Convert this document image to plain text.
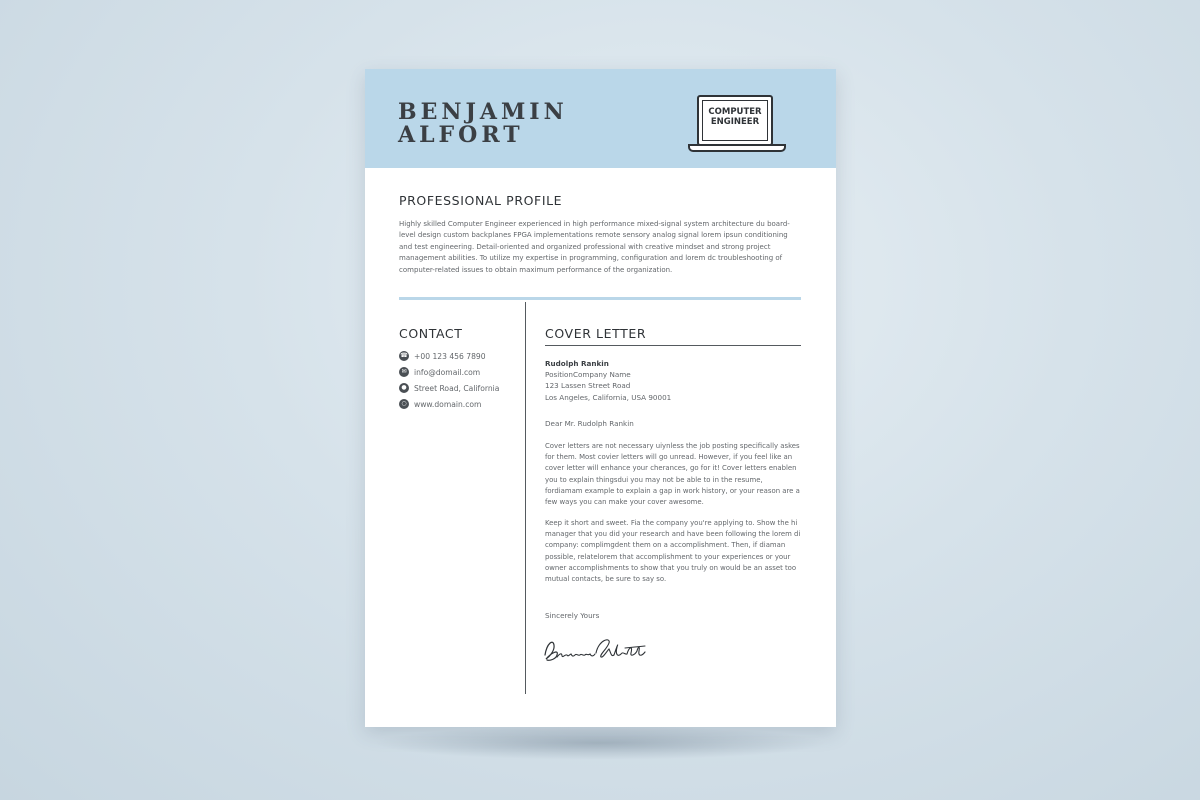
BENJAMIN
ALFORT
COMPUTER
ENGINEER
PROFESSIONAL PROFILE
Highly skilled Computer Engineer experienced in high performance mixed-signal system architecture du board-level design custom backplanes FPGA implementations remote sensory analog signal lorem ipsun conditioning and test engineering. Detail-oriented and organized professional with creative mindset and strong project management abilities. To utilize my expertise in programming, configuration and lorem dc troubleshooting of computer-related issues to obtain maximum performance of the organization.
CONTACT
☎ +00 123 456 7890
✉ info@domail.com
● Street Road, California
○ www.domain.com
COVER LETTER
Rudolph Rankin
PositionCompany Name
123 Lassen Street Road
Los Angeles, California, USA 90001
Dear Mr. Rudolph Rankin
Cover letters are not necessary uiynless the job posting specifically askes for them. Most covier letters will go unread. However, if you feel like an cover letter will enhance your cherances, go for it! Cover letters enablen you to explain thingsdui you may not be able to in the resume, fordiamam example to explain a gap in work history, or your reason are a few ways you can make your cover awesome.
Keep it short and sweet. Fia the company you're applying to. Show the hi manager that you did your research and have been following the lorem di company: complimgdent them on a accomplishment. Then, if diaman possible, relatelorem that accomplishment to your experiences or your owner accomplishments to show that you truly on would be an asset too mutual contacts, be sure to say so.
Sincerely Yours
